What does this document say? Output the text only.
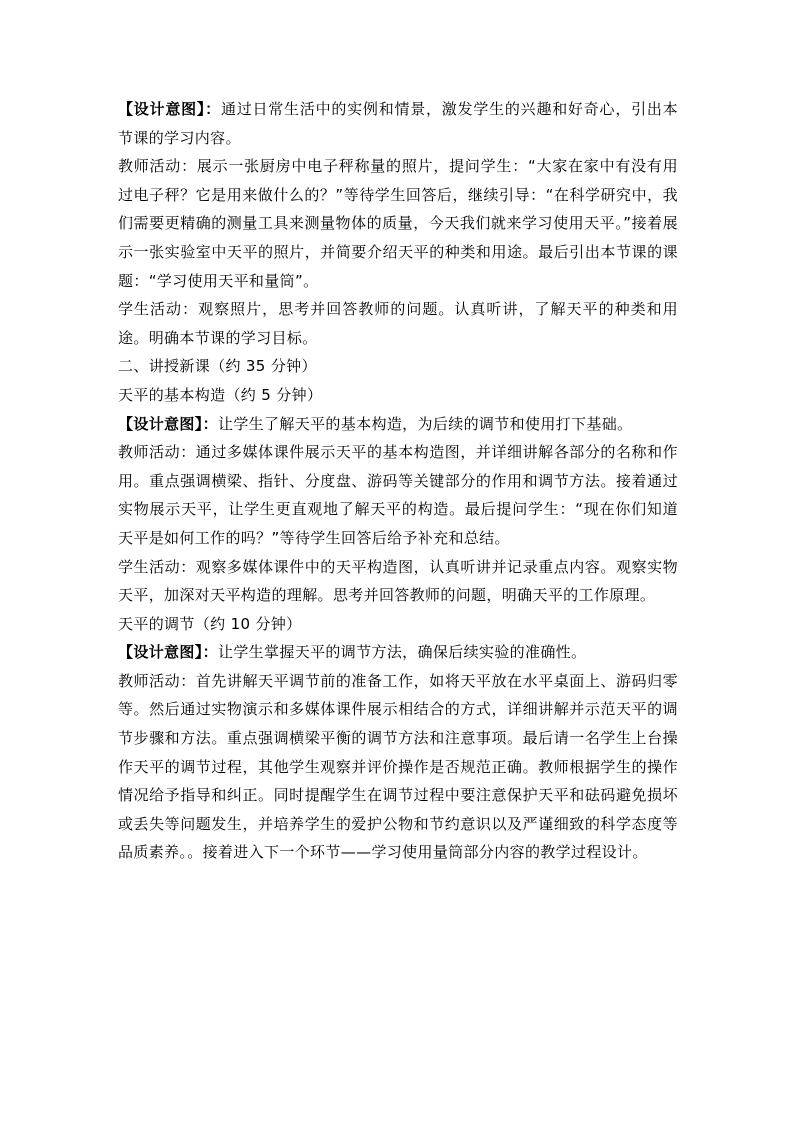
【设计意图】：通过日常生活中的实例和情景，激发学生的兴趣和好奇心，引出本节课的学习内容。

教师活动：展示一张厨房中电子秤称量的照片，提问学生：“大家在家中有没有用过电子秤？它是用来做什么的？”等待学生回答后，继续引导：“在科学研究中，我们需要更精确的测量工具来测量物体的质量，今天我们就来学习使用天平。”接着展示一张实验室中天平的照片，并简要介绍天平的种类和用途。最后引出本节课的课题：“学习使用天平和量筒”。

学生活动：观察照片，思考并回答教师的问题。认真听讲，了解天平的种类和用途。明确本节课的学习目标。

二、讲授新课（约 35 分钟）

天平的基本构造（约 5 分钟）

【设计意图】：让学生了解天平的基本构造，为后续的调节和使用打下基础。

教师活动：通过多媒体课件展示天平的基本构造图，并详细讲解各部分的名称和作用。重点强调横梁、指针、分度盘、游码等关键部分的作用和调节方法。接着通过实物展示天平，让学生更直观地了解天平的构造。最后提问学生：“现在你们知道天平是如何工作的吗？”等待学生回答后给予补充和总结。

学生活动：观察多媒体课件中的天平构造图，认真听讲并记录重点内容。观察实物天平，加深对天平构造的理解。思考并回答教师的问题，明确天平的工作原理。

天平的调节（约 10 分钟）

【设计意图】：让学生掌握天平的调节方法，确保后续实验的准确性。

教师活动：首先讲解天平调节前的准备工作，如将天平放在水平桌面上、游码归零等。然后通过实物演示和多媒体课件展示相结合的方式，详细讲解并示范天平的调节步骤和方法。重点强调横梁平衡的调节方法和注意事项。最后请一名学生上台操作天平的调节过程，其他学生观察并评价操作是否规范正确。教师根据学生的操作情况给予指导和纠正。同时提醒学生在调节过程中要注意保护天平和砝码避免损坏或丢失等问题发生，并培养学生的爱护公物和节约意识以及严谨细致的科学态度等品质素养。。接着进入下一个环节——学习使用量筒部分内容的教学过程设计。
